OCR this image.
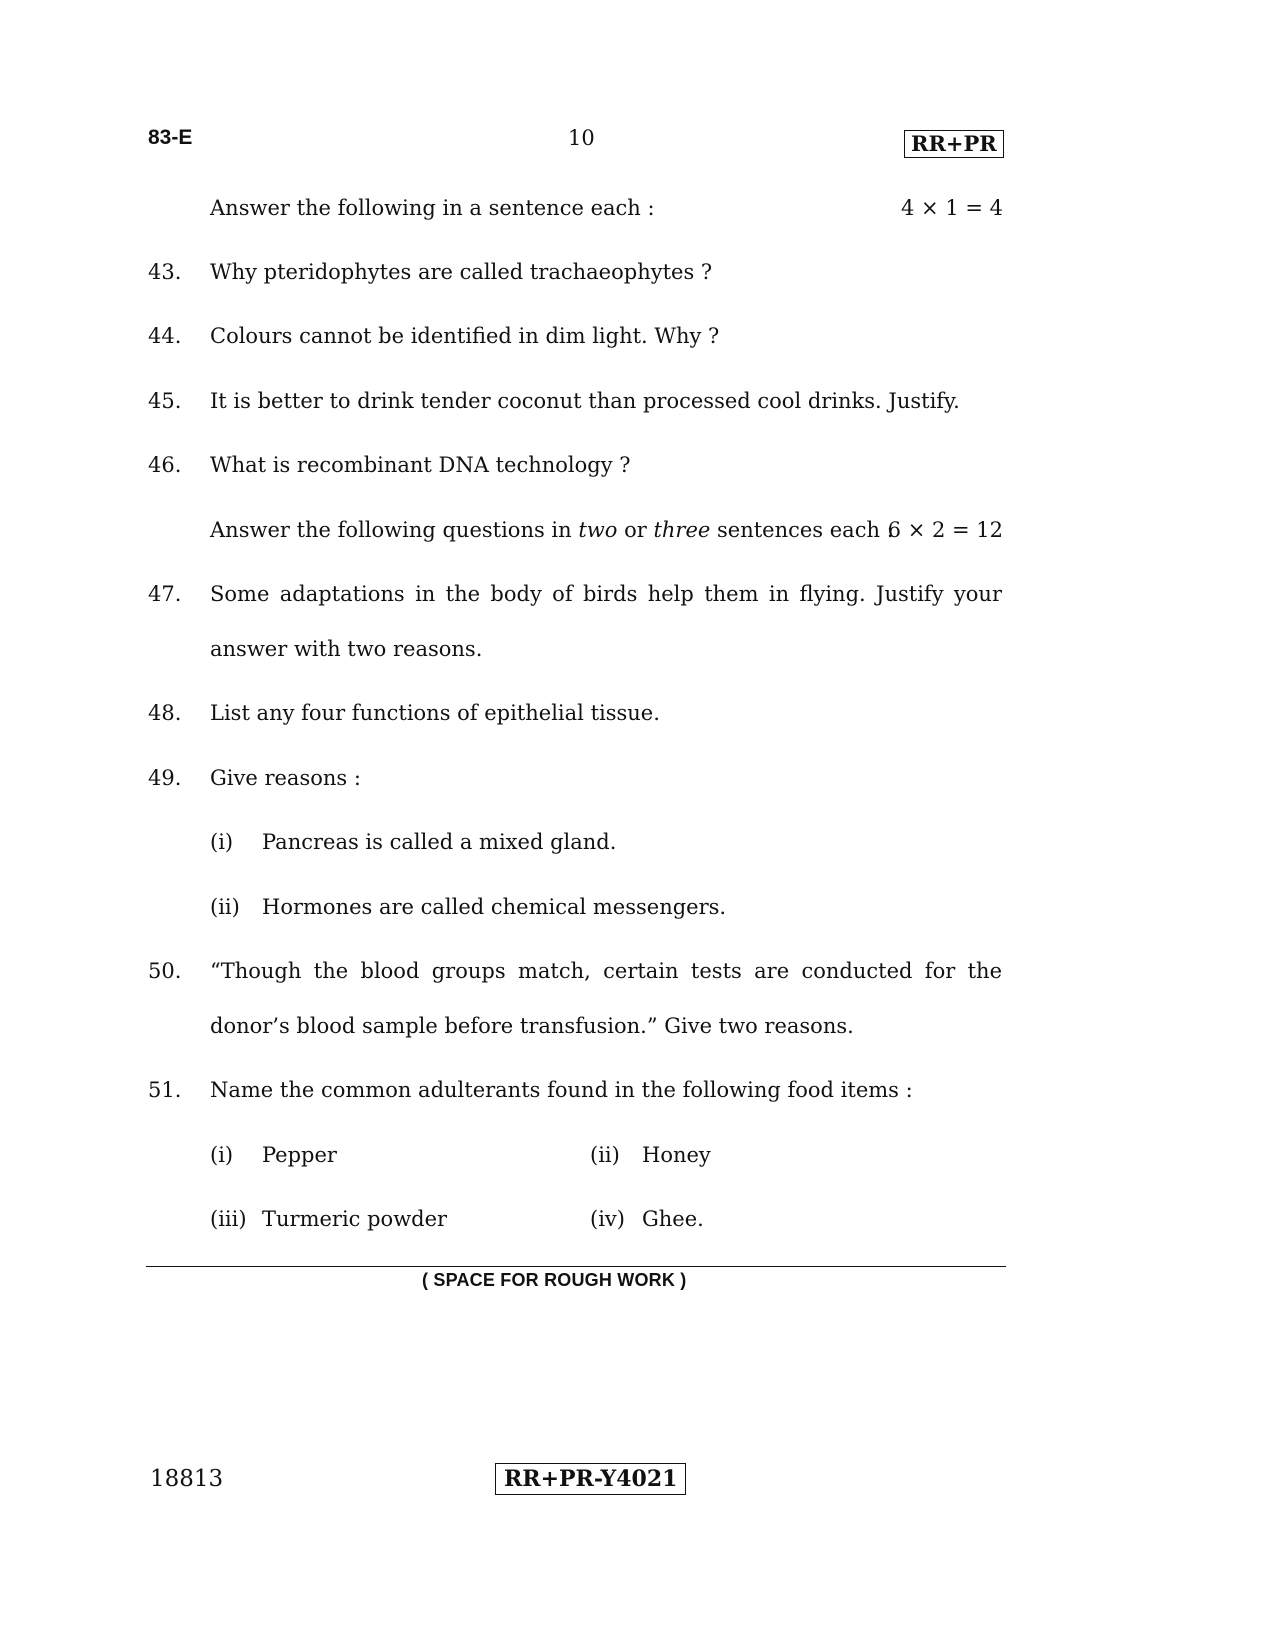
83-E	10	RR+PR
Answer the following in a sentence each :	4 × 1 = 4
43. Why pteridophytes are called trachaeophytes ?
44. Colours cannot be identified in dim light. Why ?
45. It is better to drink tender coconut than processed cool drinks. Justify.
46. What is recombinant DNA technology ?
Answer the following questions in two or three sentences each :
6 × 2 = 12
47. Some adaptations in the body of birds help them in flying. Justify your
answer with two reasons.
48. List any four functions of epithelial tissue.
49. Give reasons :
(i) Pancreas is called a mixed gland.
(ii) Hormones are called chemical messengers.
50. “Though the blood groups match, certain tests are conducted for the
donor’s blood sample before transfusion.” Give two reasons.
51. Name the common adulterants found in the following food items :
(i) Pepper	(ii) Honey
(iii) Turmeric powder	(iv) Ghee.
( SPACE FOR ROUGH WORK )
18813	RR+PR-Y4021
